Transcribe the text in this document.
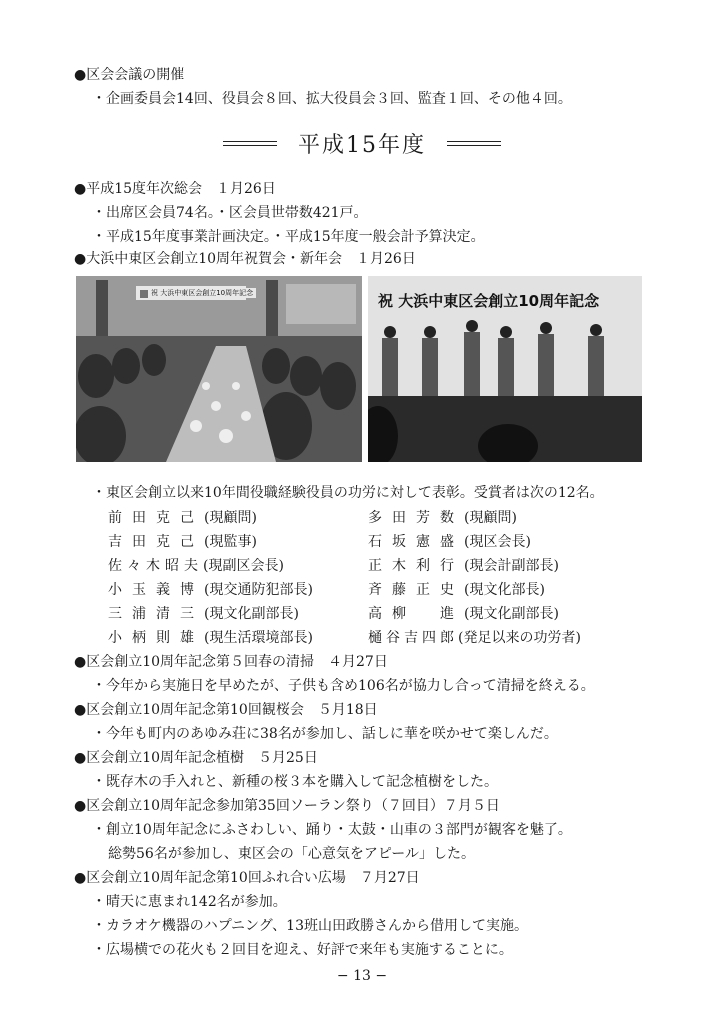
●区会会議の開催
・企画委員会14回、役員会８回、拡大役員会３回、監査１回、その他４回。
平成15年度
●平成15度年次総会　１月26日
・出席区会員74名。・区会員世帯数421戸。
・平成15年度事業計画決定。・平成15年度一般会計予算決定。
●大浜中東区会創立10周年祝賀会・新年会　１月26日
祝 大浜中東区会創立10周年記念	祝 大浜中東区会創立10周年記念
・東区会創立以来10年間役職経験役員の功労に対して表彰。受賞者は次の12名。
前田克己(現顧問)
吉田克己(現監事)
佐々木昭夫(現副区会長)
小玉義博(現交通防犯部長)
三浦清三(現文化副部長)
小柄則雄(現生活環境部長)
多田芳数(現顧問)
石坂憲盛(現区会長)
正木利行(現会計副部長)
斉藤正史(現文化部長)
高柳　進(現文化副部長)
樋谷吉四郎(発足以来の功労者)
●区会創立10周年記念第５回春の清掃　４月27日
・今年から実施日を早めたが、子供も含め106名が協力し合って清掃を終える。
●区会創立10周年記念第10回観桜会　５月18日
・今年も町内のあゆみ荘に38名が参加し、話しに華を咲かせて楽しんだ。
●区会創立10周年記念植樹　５月25日
・既存木の手入れと、新種の桜３本を購入して記念植樹をした。
●区会創立10周年記念参加第35回ソーラン祭り（７回目）７月５日
・創立10周年記念にふさわしい、踊り・太鼓・山車の３部門が観客を魅了。
総勢56名が参加し、東区会の「心意気をアピール」した。
●区会創立10周年記念第10回ふれ合い広場　７月27日
・晴天に恵まれ142名が参加。
・カラオケ機器のハプニング、13班山田政勝さんから借用して実施。
・広場横での花火も２回目を迎え、好評で来年も実施することに。
− 13 −
